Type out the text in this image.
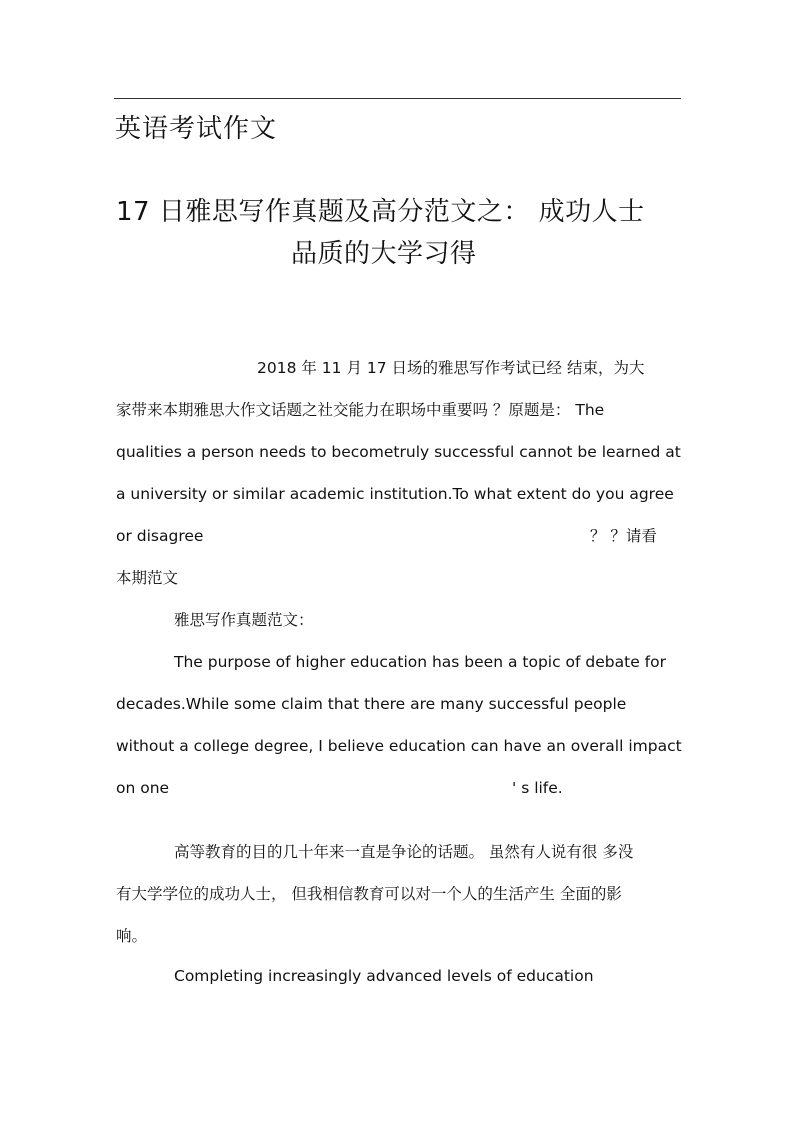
英语考试作文
17 日雅思写作真题及高分范文之： 成功人士
品质的大学习得
2018 年 11 月 17 日场的雅思写作考试已经 结束，为大
家带来本期雅思大作文话题之社交能力在职场中重要吗 ？原题是： The
qualities a person needs to becometruly successful cannot be learned at
a university or similar academic institution.To what extent do you agree
or disagree	？ ？请看
本期范文
雅思写作真题范文：
The purpose of higher education has been a topic of debate for
decades.While some claim that there are many successful people
without a college degree, I believe education can have an overall impact
on one	' s life.
高等教育的目的几十年来一直是争论的话题。 虽然有人说有很 多没
有大学学位的成功人士， 但我相信教育可以对一个人的生活产生 全面的影
响。
Completing increasingly advanced levels of education
